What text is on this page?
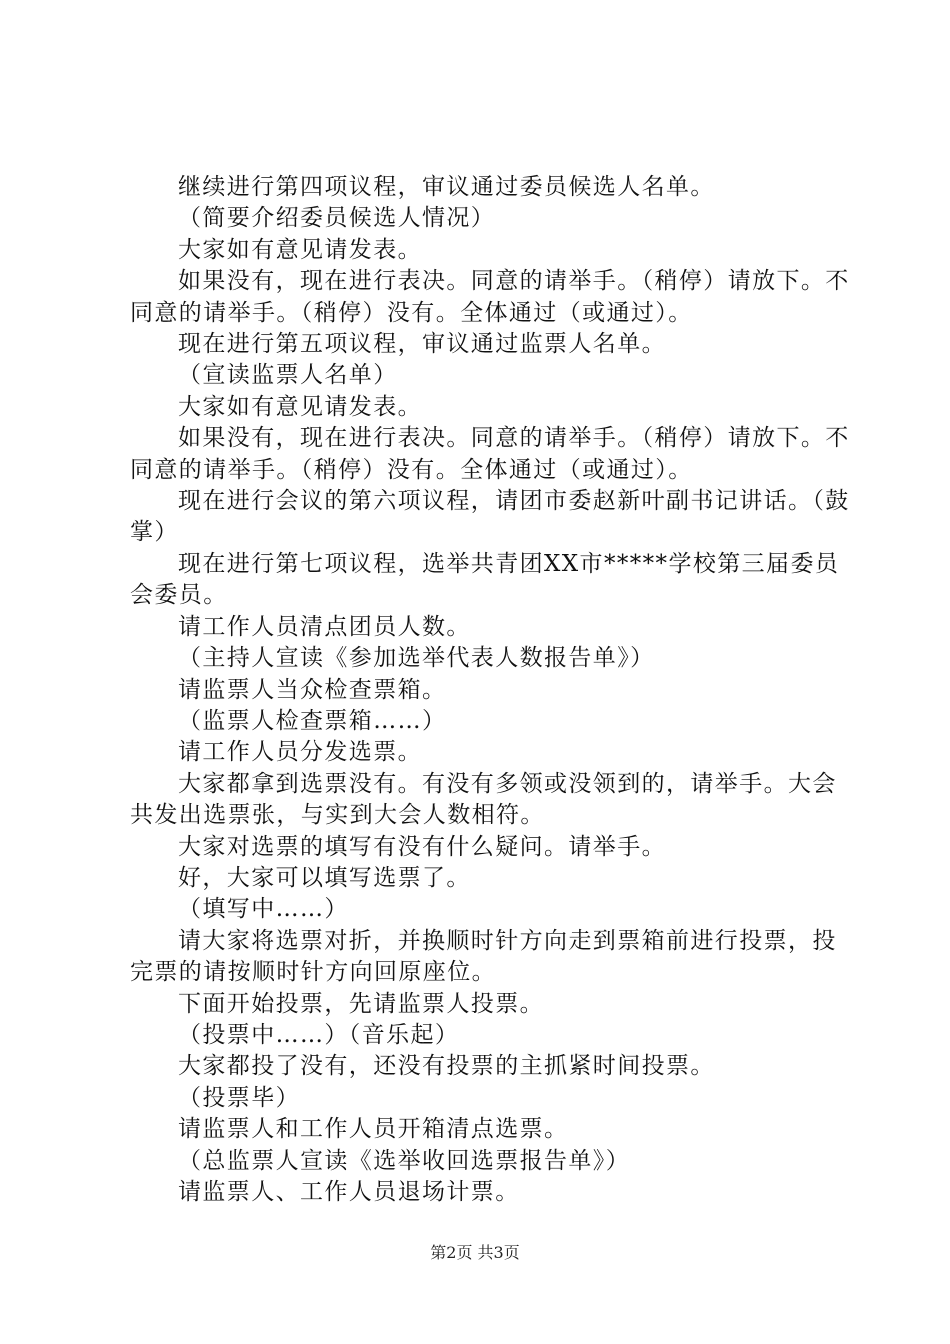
继续进行第四项议程，审议通过委员候选人名单。

（简要介绍委员候选人情况）

大家如有意见请发表。

如果没有，现在进行表决。同意的请举手。（稍停）请放下。不同意的请举手。（稍停）没有。全体通过（或通过）。

现在进行第五项议程，审议通过监票人名单。

（宣读监票人名单）

大家如有意见请发表。

如果没有，现在进行表决。同意的请举手。（稍停）请放下。不同意的请举手。（稍停）没有。全体通过（或通过）。

现在进行会议的第六项议程，请团市委赵新叶副书记讲话。（鼓掌）

现在进行第七项议程，选举共青团XX市*****学校第三届委员会委员。

请工作人员清点团员人数。

（主持人宣读《参加选举代表人数报告单》）

请监票人当众检查票箱。

（监票人检查票箱……）

请工作人员分发选票。

大家都拿到选票没有。有没有多领或没领到的，请举手。大会共发出选票张，与实到大会人数相符。

大家对选票的填写有没有什么疑问。请举手。

好，大家可以填写选票了。

（填写中……）

请大家将选票对折，并换顺时针方向走到票箱前进行投票，投完票的请按顺时针方向回原座位。

下面开始投票，先请监票人投票。

（投票中……）（音乐起）

大家都投了没有，还没有投票的主抓紧时间投票。

（投票毕）

请监票人和工作人员开箱清点选票。

（总监票人宣读《选举收回选票报告单》）

请监票人、工作人员退场计票。

第2页 共3页
